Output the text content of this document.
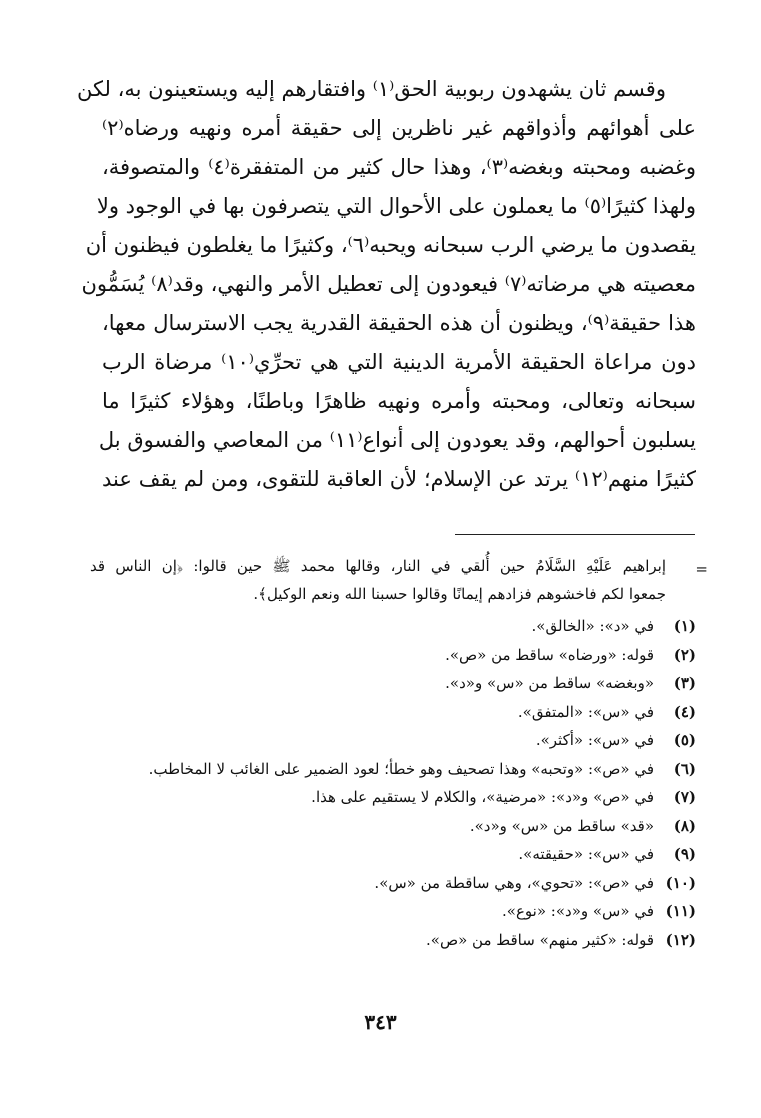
وقسم ثان يشهدون ربوبية الحق⁽١⁾ وافتقارهم إليه ويستعينون به، لكن
على أهوائهم وأذواقهم غير ناظرين إلى حقيقة أمره ونهيه ورضاه⁽٢⁾
وغضبه ومحبته وبغضه⁽٣⁾، وهذا حال كثير من المتفقرة⁽٤⁾ والمتصوفة،
ولهذا كثيرًا⁽٥⁾ ما يعملون على الأحوال التي يتصرفون بها في الوجود ولا
يقصدون ما يرضي الرب سبحانه ويحبه⁽٦⁾، وكثيرًا ما يغلطون فيظنون أن
معصيته هي مرضاته⁽٧⁾ فيعودون إلى تعطيل الأمر والنهي، وقد⁽٨⁾ يُسَمُّون
هذا حقيقة⁽٩⁾، ويظنون أن هذه الحقيقة القدرية يجب الاسترسال معها،
دون مراعاة الحقيقة الأمرية الدينية التي هي تحرِّي⁽١٠⁾ مرضاة الرب
سبحانه وتعالى، ومحبته وأمره ونهيه ظاهرًا وباطنًا، وهؤلاء كثيرًا ما
يسلبون أحوالهم، وقد يعودون إلى أنواع⁽١١⁾ من المعاصي والفسوق بل
كثيرًا منهم⁽١٢⁾ يرتد عن الإسلام؛ لأن العاقبة للتقوى، ومن لم يقف عند
=
إبراهيم عَلَيْهِ السَّلَامُ حين أُلقي في النار، وقالها محمد ﷺ حين قالوا: ﴿إن الناس قد
جمعوا لكم فاخشوهم فزادهم إيمانًا وقالوا حسبنا الله ونعم الوكيل﴾.
(١)
في «د»: «الخالق».
(٢)
قوله: «ورضاه» ساقط من «ص».
(٣)
«وبغضه» ساقط من «س» و«د».
(٤)
في «س»: «المتفق».
(٥)
في «س»: «أكثر».
(٦)
في «ص»: «وتحبه» وهذا تصحيف وهو خطأ؛ لعود الضمير على الغائب لا المخاطب.
(٧)
في «ص» و«د»: «مرضية»، والكلام لا يستقيم على هذا.
(٨)
«قد» ساقط من «س» و«د».
(٩)
في «س»: «حقيقته».
(١٠)
في «ص»: «تحوي»، وهي ساقطة من «س».
(١١)
في «س» و«د»: «نوع».
(١٢)
قوله: «كثير منهم» ساقط من «ص».
٣٤٣
